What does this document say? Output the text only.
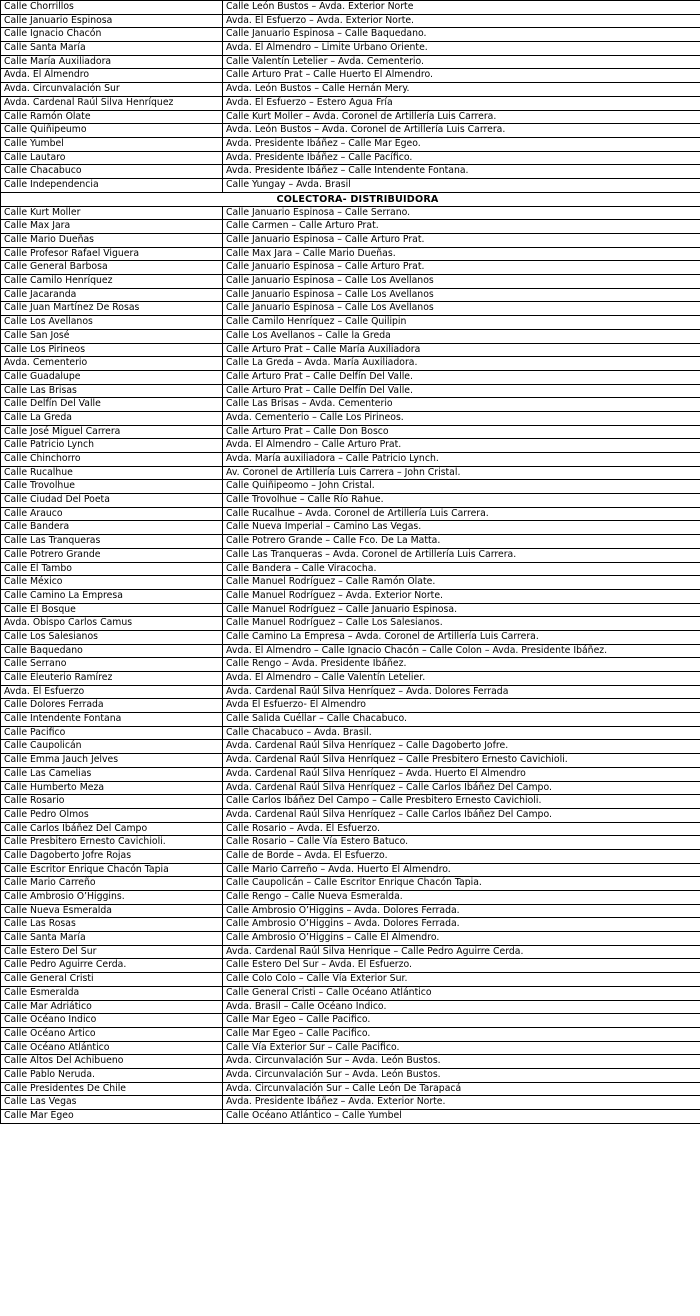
Calle Chorrillos	Calle León Bustos – Avda. Exterior Norte
Calle Januario Espinosa	Avda. El Esfuerzo – Avda. Exterior Norte.
Calle Ignacio Chacón	Calle Januario Espinosa – Calle Baquedano.
Calle Santa María	Avda. El Almendro – Limite Urbano Oriente.
Calle María Auxiliadora	Calle Valentín Letelier – Avda. Cementerio.
Avda. El Almendro	Calle Arturo Prat – Calle Huerto El Almendro.
Avda. Circunvalación Sur	Avda. León Bustos – Calle Hernán Mery.
Avda. Cardenal Raúl Silva Henríquez	Avda. El Esfuerzo – Estero Agua Fría
Calle Ramón Olate	Calle Kurt Moller – Avda. Coronel de Artillería Luis Carrera.
Calle Quiñipeumo	Avda. León Bustos – Avda. Coronel de Artillería Luis Carrera.
Calle Yumbel	Avda. Presidente Ibáñez – Calle Mar Egeo.
Calle Lautaro	Avda. Presidente Ibáñez – Calle Pacífico.
Calle Chacabuco	Avda. Presidente Ibáñez – Calle Intendente Fontana.
Calle Independencia	Calle Yungay – Avda. Brasil
COLECTORA- DISTRIBUIDORA	
Calle Kurt Moller	Calle Januario Espinosa – Calle Serrano.
Calle Max Jara	Calle Carmen – Calle Arturo Prat.
Calle Mario Dueñas	Calle Januario Espinosa – Calle Arturo Prat.
Calle Profesor Rafael Viguera	Calle Max Jara – Calle Mario Dueñas.
Calle General Barbosa	Calle Januario Espinosa – Calle Arturo Prat.
Calle Camilo Henríquez	Calle Januario Espinosa – Calle Los Avellanos
Calle Jacaranda	Calle Januario Espinosa – Calle Los Avellanos
Calle Juan Martínez De Rosas	Calle Januario Espinosa – Calle Los Avellanos
Calle Los Avellanos	Calle Camilo Henríquez – Calle Quilipin
Calle San José	Calle Los Avellanos – Calle la Greda
Calle Los Pirineos	Calle Arturo Prat – Calle María Auxiliadora
Avda. Cementerio	Calle La Greda – Avda. María Auxiliadora.
Calle Guadalupe	Calle Arturo Prat – Calle Delfín Del Valle.
Calle Las Brisas	Calle Arturo Prat – Calle Delfín Del Valle.
Calle Delfín Del Valle	Calle Las Brisas – Avda. Cementerio
Calle La Greda	Avda. Cementerio – Calle Los Pirineos.
Calle José Miguel Carrera	Calle Arturo Prat – Calle Don Bosco
Calle Patricio Lynch	Avda. El Almendro – Calle Arturo Prat.
Calle Chinchorro	Avda. María auxiliadora – Calle Patricio Lynch.
Calle Rucalhue	Av. Coronel de Artillería Luis Carrera – John Cristal.
Calle Trovolhue	Calle Quiñipeomo – John Cristal.
Calle Ciudad Del Poeta	Calle Trovolhue – Calle Río Rahue.
Calle Arauco	Calle Rucalhue – Avda. Coronel de Artillería Luis Carrera.
Calle Bandera	Calle Nueva Imperial – Camino Las Vegas.
Calle Las Tranqueras	Calle Potrero Grande – Calle Fco. De La Matta.
Calle Potrero Grande	Calle Las Tranqueras – Avda. Coronel de Artillería Luis Carrera.
Calle El Tambo	Calle Bandera – Calle Viracocha.
Calle México	Calle Manuel Rodríguez – Calle Ramón Olate.
Calle Camino La Empresa	Calle Manuel Rodríguez – Avda. Exterior Norte.
Calle El Bosque	Calle Manuel Rodríguez – Calle Januario Espinosa.
Avda. Obispo Carlos Camus	Calle Manuel Rodríguez – Calle Los Salesianos.
Calle Los Salesianos	Calle Camino La Empresa – Avda. Coronel de Artillería Luis Carrera.
Calle Baquedano	Avda. El Almendro – Calle Ignacio Chacón – Calle Colon – Avda. Presidente Ibáñez.
Calle Serrano	Calle Rengo – Avda. Presidente Ibáñez.
Calle Eleuterio Ramírez	Avda. El Almendro – Calle Valentín Letelier.
Avda. El Esfuerzo	Avda. Cardenal Raúl Silva Henríquez – Avda. Dolores Ferrada
Calle Dolores Ferrada	Avda El Esfuerzo- El Almendro
Calle Intendente Fontana	Calle Salida Cuéllar – Calle Chacabuco.
Calle Pacifico	Calle Chacabuco – Avda. Brasil.
Calle Caupolicán	Avda. Cardenal Raúl Silva Henríquez – Calle Dagoberto Jofre.
Calle Emma Jauch Jelves	Avda. Cardenal Raúl Silva Henríquez – Calle Presbitero Ernesto Cavichioli.
Calle Las Camelias	Avda. Cardenal Raúl Silva Henríquez – Avda. Huerto El Almendro
Calle Humberto Meza	Avda. Cardenal Raúl Silva Henríquez – Calle Carlos Ibáñez Del Campo.
Calle Rosario	Calle Carlos Ibáñez Del Campo – Calle Presbitero Ernesto Cavichioli.
Calle Pedro Olmos	Avda. Cardenal Raúl Silva Henríquez – Calle Carlos Ibáñez Del Campo.
Calle Carlos Ibáñez Del Campo	Calle Rosario – Avda. El Esfuerzo.
Calle Presbitero Ernesto Cavichioli.	Calle Rosario – Calle Vía Estero Batuco.
Calle Dagoberto Jofre Rojas	Calle de Borde – Avda. El Esfuerzo.
Calle Escritor Enrique Chacón Tapia	Calle Mario Carreño – Avda. Huerto El Almendro.
Calle Mario Carreño	Calle Caupolicán – Calle Escritor Enrique Chacón Tapia.
Calle Ambrosio O’Higgins.	Calle Rengo – Calle Nueva Esmeralda.
Calle Nueva Esmeralda	Calle Ambrosio O’Higgins – Avda. Dolores Ferrada.
Calle Las Rosas	Calle Ambrosio O’Higgins – Avda. Dolores Ferrada.
Calle Santa María	Calle Ambrosio O’Higgins – Calle El Almendro.
Calle Estero Del Sur	Avda. Cardenal Raúl Silva Henrique – Calle Pedro Aguirre Cerda.
Calle Pedro Aguirre Cerda.	Calle Estero Del Sur – Avda. El Esfuerzo.
Calle General Cristi	Calle Colo Colo – Calle Vía Exterior Sur.
Calle Esmeralda	Calle General Cristi – Calle Océano Atlántico
Calle Mar Adriático	Avda. Brasil – Calle Océano Índico.
Calle Océano Indico	Calle Mar Egeo – Calle Pacifico.
Calle Océano Ártico	Calle Mar Egeo – Calle Pacifico.
Calle Océano Atlántico	Calle Vía Exterior Sur – Calle Pacifico.
Calle Altos Del Achibueno	Avda. Circunvalación Sur – Avda. León Bustos.
Calle Pablo Neruda.	Avda. Circunvalación Sur – Avda. León Bustos.
Calle Presidentes De Chile	Avda. Circunvalación Sur – Calle León De Tarapacá
Calle Las Vegas	Avda. Presidente Ibáñez – Avda. Exterior Norte.
Calle Mar Egeo	Calle Océano Atlántico – Calle Yumbel
